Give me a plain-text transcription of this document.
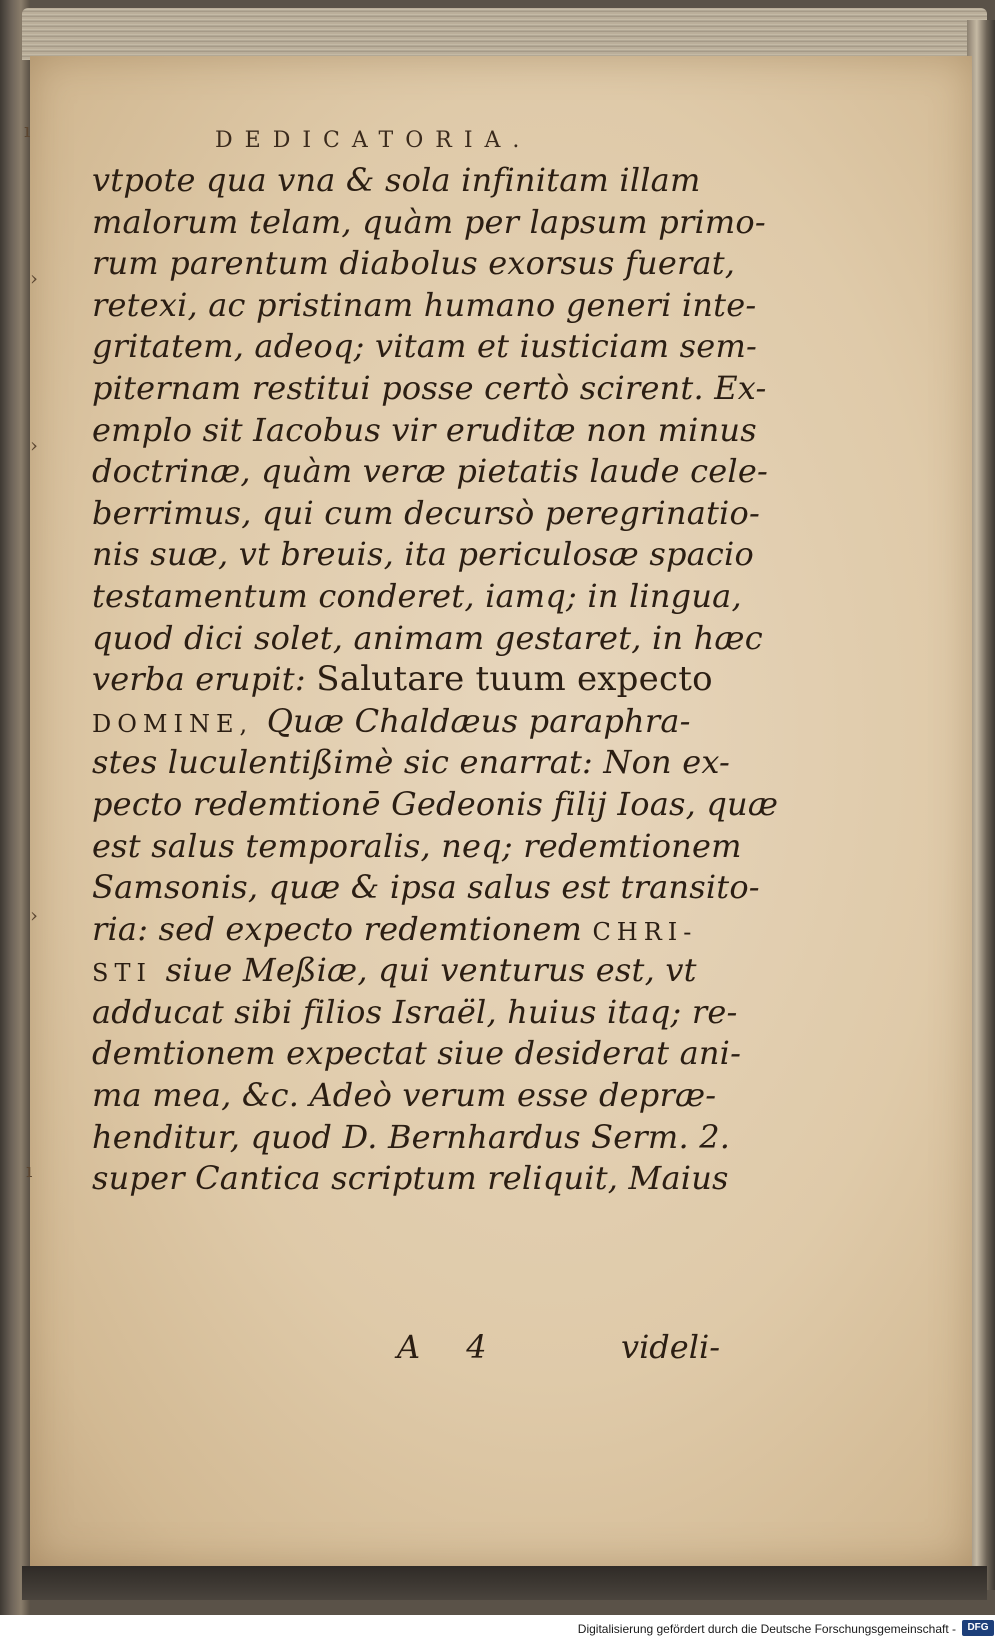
ı
›
›
›
ı
DEDICATORIA.
vtpote qua vna & sola infinitam illam
malorum telam, quàm per lapsum primo-
rum parentum diabolus exorsus fuerat,
retexi, ac pristinam humano generi inte-
gritatem, adeoq; vitam et iusticiam sem-
piternam restitui posse certò scirent. Ex-
emplo sit Iacobus vir eruditæ non minus
doctrinæ, quàm veræ pietatis laude cele-
berrimus, qui cum decursò peregrinatio-
nis suæ, vt breuis, ita periculosæ spacio
testamentum conderet, iamq; in lingua,
quod dici solet, animam gestaret, in hæc
verba erupit: Salutare tuum expecto
DOMINE, Quæ Chaldæus paraphra-
stes luculentißimè sic enarrat: Non ex-
pecto redemtionē Gedeonis filij Ioas, quæ
est salus temporalis, neq; redemtionem
Samsonis, quæ & ipsa salus est transito-
ria: sed expecto redemtionem CHRI-
STI siue Meßiæ, qui venturus est, vt
adducat sibi filios Israël, huius itaq; re-
demtionem expectat siue desiderat ani-
ma mea, &c. Adeò verum esse depræ-
henditur, quod D. Bernhardus Serm. 2.
super Cantica scriptum reliquit, Maius
A 4	videli-
Digitalisierung gefördert durch die Deutsche Forschungsgemeinschaft -	DFG
